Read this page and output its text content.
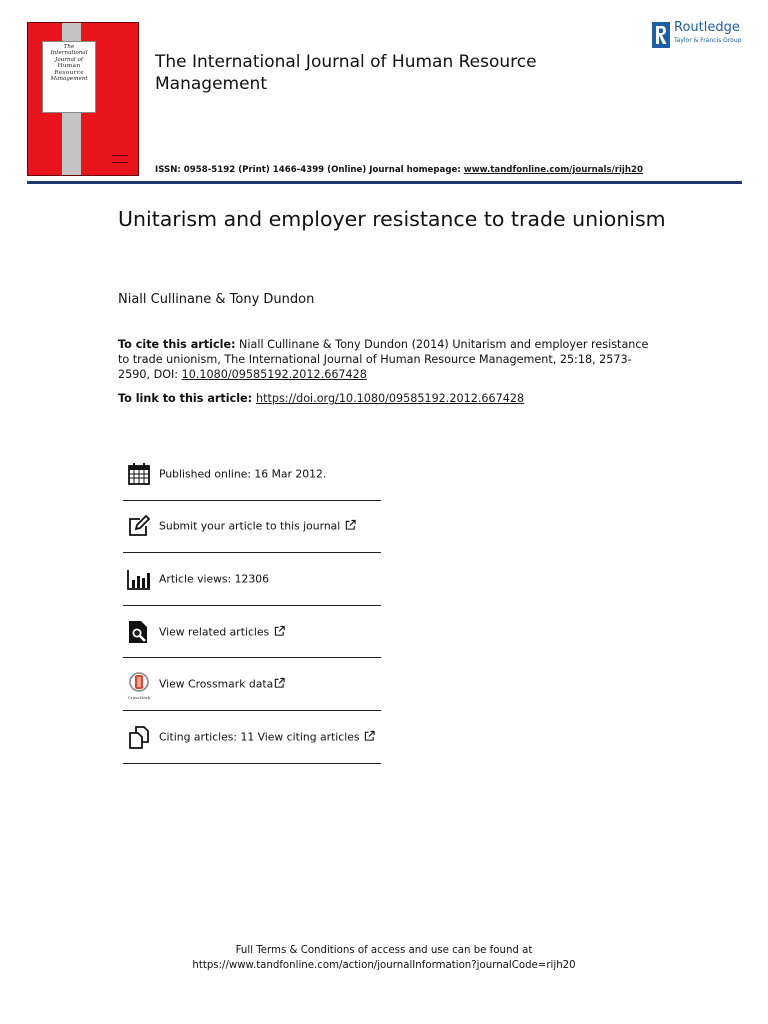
The
International
Journal of
Human
Resource
Management
The International Journal of Human Resource Management
Routledge
Taylor & Francis Group
ISSN: 0958-5192 (Print) 1466-4399 (Online) Journal homepage: www.tandfonline.com/journals/rijh20
Unitarism and employer resistance to trade unionism
Niall Cullinane & Tony Dundon
To cite this article: Niall Cullinane & Tony Dundon (2014) Unitarism and employer resistance to trade unionism, The International Journal of Human Resource Management, 25:18, 2573-2590, DOI: 10.1080/09585192.2012.667428
To link to this article: https://doi.org/10.1080/09585192.2012.667428
Published online: 16 Mar 2012.
Submit your article to this journal
Article views: 12306
View related articles
CrossMark
View Crossmark data
Citing articles: 11 View citing articles
Full Terms & Conditions of access and use can be found at
https://www.tandfonline.com/action/journalInformation?journalCode=rijh20
